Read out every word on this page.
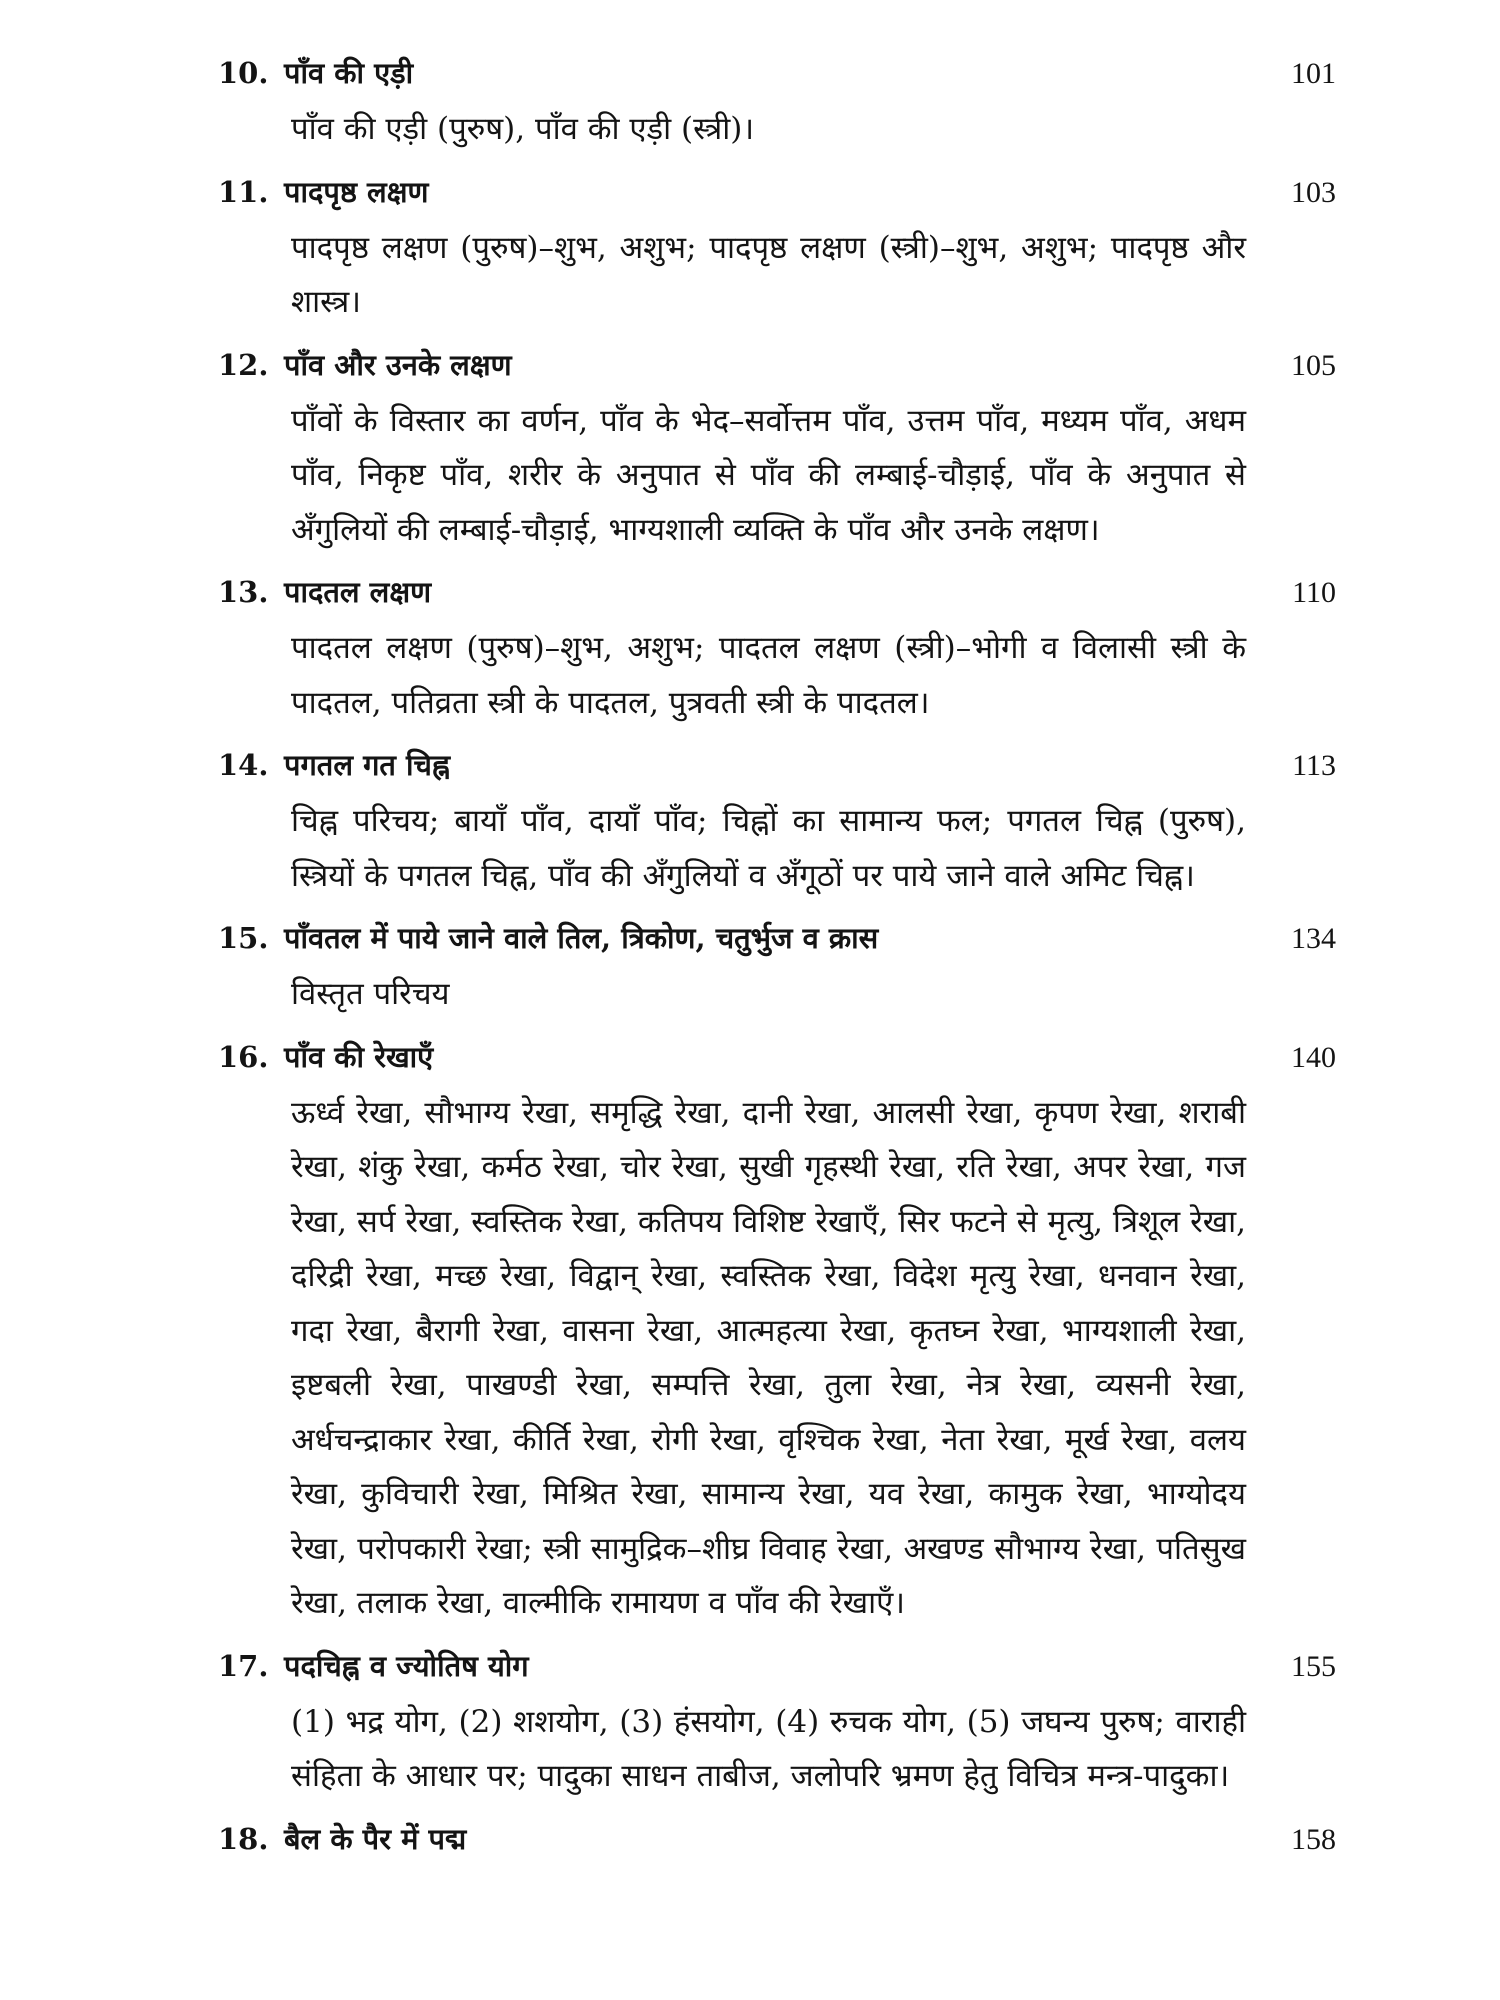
10. पाँव की एड़ी	101
पाँव की एड़ी (पुरुष), पाँव की एड़ी (स्त्री)।
11. पादपृष्ठ लक्षण	103
पादपृष्ठ लक्षण (पुरुष)–शुभ, अशुभ; पादपृष्ठ लक्षण (स्त्री)–शुभ, अशुभ; पादपृष्ठ और शास्त्र।
12. पाँव और उनके लक्षण	105
पाँवों के विस्तार का वर्णन, पाँव के भेद–सर्वोत्तम पाँव, उत्तम पाँव, मध्यम पाँव, अधम पाँव, निकृष्ट पाँव, शरीर के अनुपात से पाँव की लम्बाई-चौड़ाई, पाँव के अनुपात से अँगुलियों की लम्बाई-चौड़ाई, भाग्यशाली व्यक्ति के पाँव और उनके लक्षण।
13. पादतल लक्षण	110
पादतल लक्षण (पुरुष)–शुभ, अशुभ; पादतल लक्षण (स्त्री)–भोगी व विलासी स्त्री के पादतल, पतिव्रता स्त्री के पादतल, पुत्रवती स्त्री के पादतल।
14. पगतल गत चिह्न	113
चिह्न परिचय; बायाँ पाँव, दायाँ पाँव; चिह्नों का सामान्य फल; पगतल चिह्न (पुरुष), स्त्रियों के पगतल चिह्न, पाँव की अँगुलियों व अँगूठों पर पाये जाने वाले अमिट चिह्न।
15. पाँवतल में पाये जाने वाले तिल, त्रिकोण, चतुर्भुज व क्रास	134
विस्तृत परिचय
16. पाँव की रेखाएँ	140
ऊर्ध्व रेखा, सौभाग्य रेखा, समृद्धि रेखा, दानी रेखा, आलसी रेखा, कृपण रेखा, शराबी रेखा, शंकु रेखा, कर्मठ रेखा, चोर रेखा, सुखी गृहस्थी रेखा, रति रेखा, अपर रेखा, गज रेखा, सर्प रेखा, स्वस्तिक रेखा, कतिपय विशिष्ट रेखाएँ, सिर फटने से मृत्यु, त्रिशूल रेखा, दरिद्री रेखा, मच्छ रेखा, विद्वान् रेखा, स्वस्तिक रेखा, विदेश मृत्यु रेखा, धनवान रेखा, गदा रेखा, बैरागी रेखा, वासना रेखा, आत्महत्या रेखा, कृतघ्न रेखा, भाग्यशाली रेखा, इष्टबली रेखा, पाखण्डी रेखा, सम्पत्ति रेखा, तुला रेखा, नेत्र रेखा, व्यसनी रेखा, अर्धचन्द्राकार रेखा, कीर्ति रेखा, रोगी रेखा, वृश्चिक रेखा, नेता रेखा, मूर्ख रेखा, वलय रेखा, कुविचारी रेखा, मिश्रित रेखा, सामान्य रेखा, यव रेखा, कामुक रेखा, भाग्योदय रेखा, परोपकारी रेखा; स्त्री सामुद्रिक–शीघ्र विवाह रेखा, अखण्ड सौभाग्य रेखा, पतिसुख रेखा, तलाक रेखा, वाल्मीकि रामायण व पाँव की रेखाएँ।
17. पदचिह्न व ज्योतिष योग	155
(1) भद्र योग, (2) शशयोग, (3) हंसयोग, (4) रुचक योग, (5) जघन्य पुरुष; वाराही संहिता के आधार पर; पादुका साधन ताबीज, जलोपरि भ्रमण हेतु विचित्र मन्त्र-पादुका।
18. बैल के पैर में पद्म	158
